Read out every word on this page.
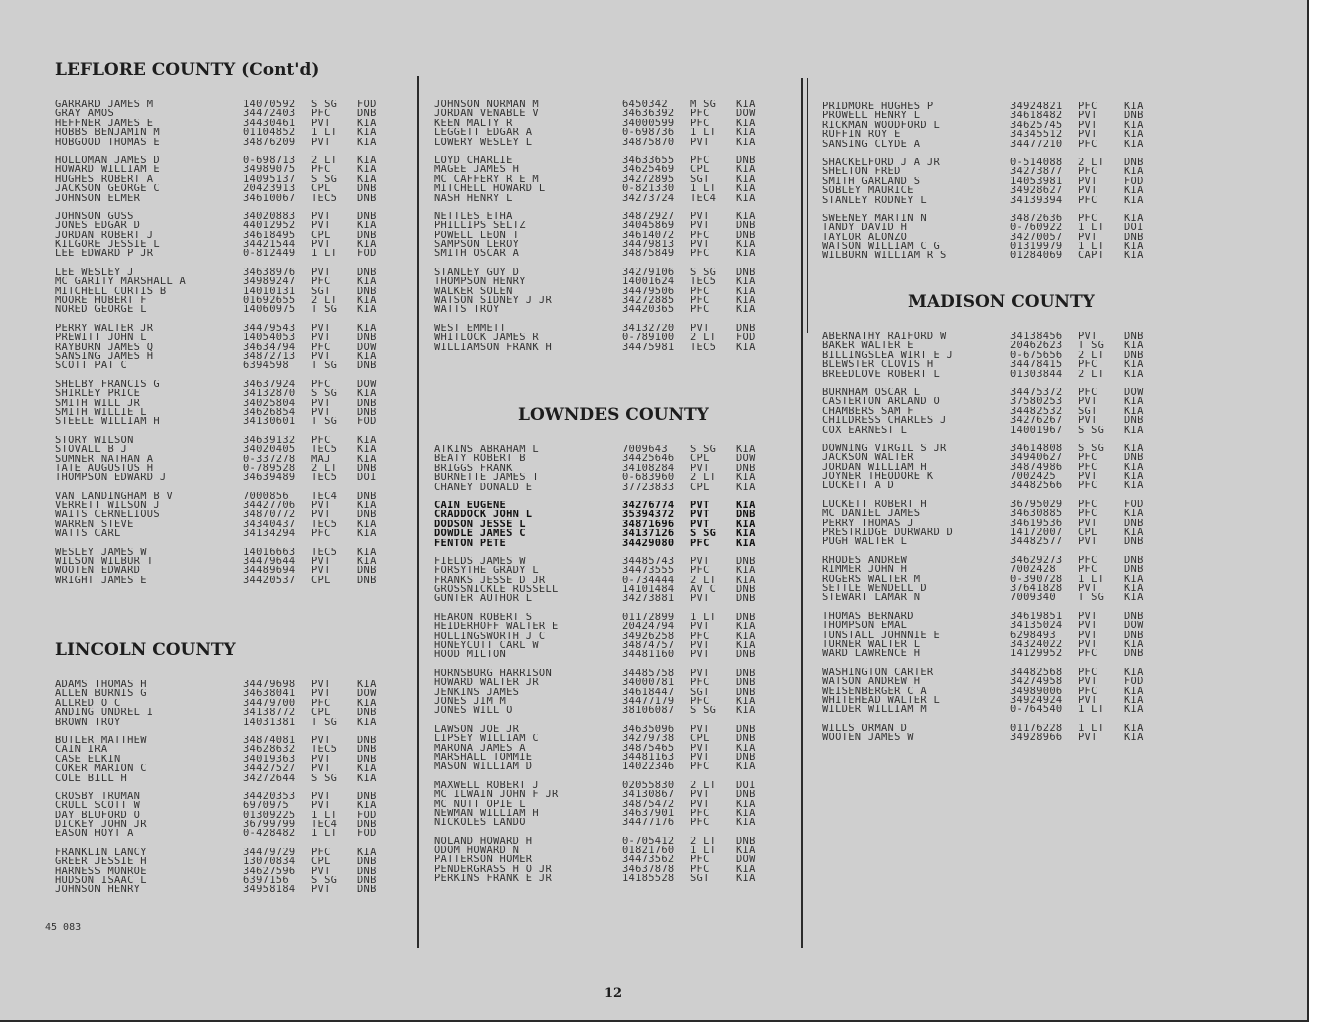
LEFLORE COUNTY (Cont'd)
GARRARD JAMES M	14070592	S SG	FOD
GRAY AMOS	34472403	PFC	DNB
HEFFNER JAMES E	34430461	PVT	KIA
HOBBS BENJAMIN M	01104852	1 LT	KIA
HOBGOOD THOMAS E	34876209	PVT	KIA
HOLLOMAN JAMES D	0-698713	2 LT	KIA
HOWARD WILLIAM E	34989075	PFC	KIA
HUGHES ROBERT A	14095137	S SG	KIA
JACKSON GEORGE C	20423913	CPL	DNB
JOHNSON ELMER	34610067	TEC5	DNB
JOHNSON GUSS	34020883	PVT	DNB
JONES EDGAR D	44012952	PVT	KIA
JORDAN ROBERT J	34618495	CPL	DNB
KILGORE JESSIE L	34421544	PVT	KIA
LEE EDWARD P JR	0-812449	1 LT	FOD
LEE WESLEY J	34638976	PVT	DNB
MC GARITY MARSHALL A	34989247	PFC	KIA
MITCHELL CURTIS B	14010131	SGT	DNB
MOORE HUBERT F	01692655	2 LT	KIA
NORED GEORGE L	14060975	T SG	KIA
PERRY WALTER JR	34479543	PVT	KIA
PREWITT JOHN L	14054053	PVT	DNB
RAYBURN JAMES Q	34634794	PFC	DOW
SANSING JAMES H	34872713	PVT	KIA
SCOTT PAT C	6394598	T SG	DNB
SHELBY FRANCIS G	34637924	PFC	DOW
SHIRLEY PRICE	34132870	S SG	KIA
SMITH WILL JR	34025804	PVT	DNB
SMITH WILLIE L	34626854	PVT	DNB
STEELE WILLIAM H	34130601	T SG	FOD
STORY WILSON	34639132	PFC	KIA
STOVALL B J	34020405	TEC5	KIA
SUMNER NATHAN A	0-337278	MAJ	KIA
TATE AUGUSTUS H	0-789528	2 LT	DNB
THOMPSON EDWARD J	34639489	TEC5	DOI
VAN LANDINGHAM B V	7000856	TEC4	DNB
VERRETT WILSON J	34427706	PVT	KIA
WAITS CERNELIOUS	34870772	PVT	DNB
WARREN STEVE	34340437	TEC5	KIA
WATTS CARL	34134294	PFC	KIA
WESLEY JAMES W	14016663	TEC5	KIA
WILSON WILBUR T	34479644	PVT	KIA
WOOTEN EDWARD	34489694	PVT	DNB
WRIGHT JAMES E	34420537	CPL	DNB
LINCOLN COUNTY
ADAMS THOMAS H	34479698	PVT	KIA
ALLEN BURNIS G	34638041	PVT	DOW
ALLRED O C	34479700	PFC	KIA
ANDING UNDREL I	34138772	CPL	DNB
BROWN TROY	14031381	T SG	KIA
BUTLER MATTHEW	34874081	PVT	DNB
CAIN IRA	34628632	TEC5	DNB
CASE ELKIN	34019363	PVT	DNB
COKER MARION C	34427527	PVT	KIA
COLE BILL H	34272644	S SG	KIA
CROSBY TRUMAN	34420353	PVT	DNB
CRULL SCOTT W	6970975	PVT	KIA
DAY BLUFORD O	01309225	1 LT	FOD
DICKEY JOHN JR	36799799	TEC4	DNB
EASON HOYT A	0-428482	1 LT	FOD
FRANKLIN LANCY	34479729	PFC	KIA
GREER JESSIE H	13070834	CPL	DNB
HARNESS MONROE	34627596	PVT	DNB
HUDSON ISAAC L	6397156	S SG	DNB
JOHNSON HENRY	34958184	PVT	DNB
JOHNSON NORMAN M	6450342	M SG	KIA
JORDAN VENABLE V	34636392	PFC	DOW
KEEN MALTY R	34000599	PFC	KIA
LEGGETT EDGAR A	0-698736	1 LT	KIA
LOWERY WESLEY L	34875870	PVT	KIA
LOYD CHARLIE	34633655	PFC	DNB
MAGEE JAMES H	34625469	CPL	KIA
MC CAFFERY R E M	34272895	SGT	KIA
MITCHELL HOWARD L	0-821330	1 LT	KIA
NASH HENRY L	34273724	TEC4	KIA
NETTLES ETHA	34872927	PVT	KIA
PHILLIPS SELTZ	34045869	PVT	DNB
POWELL LEON T	34614072	PFC	DNB
SAMPSON LEROY	34479813	PVT	KIA
SMITH OSCAR A	34875849	PFC	KIA
STANLEY GUY D	34279106	S SG	DNB
THOMPSON HENRY	14001624	TEC5	KIA
WALKER SOLEN	34479506	PFC	KIA
WATSON SIDNEY J JR	34272885	PFC	KIA
WATTS TROY	34420365	PFC	KIA
WEST EMMETT	34132720	PVT	DNB
WHITLOCK JAMES R	0-789100	2 LT	FOD
WILLIAMSON FRANK H	34475981	TEC5	KIA
LOWNDES COUNTY
ATKINS ABRAHAM L	7009643	S SG	KIA
BEATY ROBERT B	34425646	CPL	DOW
BRIGGS FRANK	34108284	PVT	DNB
BURNETTE JAMES T	0-683960	2 LT	KIA
CHANEY DONALD E	37723833	CPL	KIA
CAIN EUGENE	34276774	PVT	KIA
CRADDOCK JOHN L	35394372	PVT	DNB
DODSON JESSE L	34871696	PVT	KIA
DOWDLE JAMES C	34137126	S SG	KIA
FENTON PETE	34429080	PFC	KIA
FIELDS JAMES W	34485743	PVT	DNB
FORSYTHE GRADY L	34473555	PFC	KIA
FRANKS JESSE D JR	0-734444	2 LT	KIA
GROSSNICKLE RUSSELL	14101484	AV C	DNB
GUNTER AUTHOR L	34273881	PVT	DNB
HEARON ROBERT S	01172899	1 LT	DNB
HEIDERHOFF WALTER E	20424794	PVT	KIA
HOLLINGSWORTH J C	34926258	PFC	KIA
HONEYCUTT CARL W	34874757	PVT	KIA
HOOD MILTON	34481160	PVT	DNB
HORNSBURG HARRISON	34485758	PVT	DNB
HOWARD WALTER JR	34000781	PFC	DNB
JENKINS JAMES	34618447	SGT	DNB
JONES JIM M	34477179	PFC	KIA
JONES WILL O	38106087	S SG	KIA
LAWSON JOE JR	34635096	PVT	DNB
LIPSEY WILLIAM C	34279738	CPL	DNB
MARONA JAMES A	34875465	PVT	KIA
MARSHALL TOMMIE	34481163	PVT	DNB
MASON WILLIAM D	14022346	PFC	KIA
MAXWELL ROBERT J	02055830	2 LT	DOI
MC ILWAIN JOHN F JR	34130867	PVT	DNB
MC NUTT OPIE L	34875472	PVT	KIA
NEWMAN WILLIAM H	34637901	PFC	KIA
NICKOLES LANDO	34477176	PFC	KIA
NOLAND HOWARD H	0-705412	2 LT	DNB
ODOM HOWARD N	01821760	1 LT	KIA
PATTERSON HOMER	34473562	PFC	DOW
PENDERGRASS H O JR	34637878	PFC	KIA
PERKINS FRANK E JR	14185528	SGT	KIA
PRIDMORE HUGHES P	34924821	PFC	KIA
PROWELL HENRY L	34618482	PVT	DNB
RICKMAN WOODFORD L	34625745	PVT	KIA
RUFFIN ROY E	34345512	PVT	KIA
SANSING CLYDE A	34477210	PFC	KIA
SHACKELFORD J A JR	0-514088	2 LT	DNB
SHELTON FRED	34273877	PFC	KIA
SMITH GARLAND S	14053981	PVT	FOD
SOBLEY MAURICE	34928627	PVT	KIA
STANLEY RODNEY L	34139394	PFC	KIA
SWEENEY MARTIN N	34872636	PFC	KIA
TANDY DAVID H	0-760922	1 LT	DOI
TAYLOR ALONZO	34270057	PVT	DNB
WATSON WILLIAM C G	01319979	1 LT	KIA
WILBURN WILLIAM R S	01284069	CAPT	KIA
MADISON COUNTY
ABERNATHY RAIFORD W	34138456	PVT	DNB
BAKER WALTER E	20462623	T SG	KIA
BILLINGSLEA WIRT E J	0-675656	2 LT	DNB
BLEWSTER CLOVIS H	34478415	PFC	KIA
BREEDLOVE ROBERT L	01303844	2 LT	KIA
BURNHAM OSCAR L	34475372	PFC	DOW
CASTERTON ARLAND O	37580253	PVT	KIA
CHAMBERS SAM F	34482532	SGT	KIA
CHILDRESS CHARLES J	34276267	PVT	DNB
COX EARNEST L	14001967	S SG	KIA
DOWNING VIRGIL S JR	34614808	S SG	KIA
JACKSON WALTER	34940627	PFC	DNB
JORDAN WILLIAM H	34874986	PFC	KIA
JOYNER THEODORE K	7002425	PVT	KIA
LUCKETT A D	34482566	PFC	KIA
LUCKETT ROBERT H	36795029	PFC	FOD
MC DANIEL JAMES	34630885	PFC	KIA
PERRY THOMAS J	34619536	PVT	DNB
PRESTRIDGE DURWARD D	14172007	CPL	KIA
PUGH WALTER L	34482577	PVT	DNB
RHODES ANDREW	34629273	PFC	DNB
RIMMER JOHN H	7002428	PFC	DNB
ROGERS WALTER M	0-390728	1 LT	KIA
SETTLE WENDELL D	37641828	PVT	KIA
STEWART LAMAR N	7009340	T SG	KIA
THOMAS BERNARD	34619851	PVT	DNB
THOMPSON EMAL	34135024	PVT	DOW
TUNSTALL JOHNNIE E	6298493	PVT	DNB
TURNER WALTER L	34324022	PVT	KIA
WARD LAWRENCE H	14129952	PFC	DNB
WASHINGTON CARTER	34482568	PFC	KIA
WATSON ANDREW H	34274958	PVT	FOD
WEISENBERGER C A	34989006	PFC	KIA
WHITEHEAD WALTER L	34924924	PVT	KIA
WILDER WILLIAM M	0-764540	1 LT	KIA
WILLS ORMAN D	01176228	1 LT	KIA
WOOTEN JAMES W	34928966	PVT	KIA
45 083
12
